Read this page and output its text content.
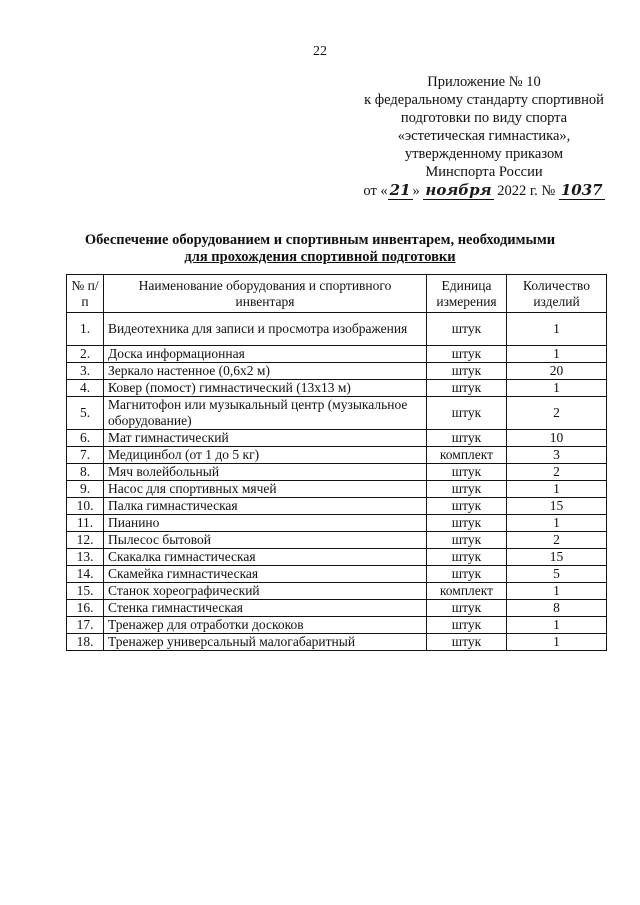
22
Приложение № 10
к федеральному стандарту спортивной
подготовки по виду спорта
«эстетическая гимнастика»,
утвержденному приказом
Минспорта России
от « 21 » ноября 2022 г. № 1037
Обеспечение оборудованием и спортивным инвентарем, необходимыми
для прохождения спортивной подготовки
№ п/п	Наименование оборудования и спортивного инвентаря	Единица измерения	Количество изделий
1.	Видеотехника для записи и просмотра изображения	штук	1
2.	Доска информационная	штук	1
3.	Зеркало настенное (0,6х2 м)	штук	20
4.	Ковер (помост) гимнастический (13х13 м)	штук	1
5.	Магнитофон или музыкальный центр (музыкальное оборудование)	штук	2
6.	Мат гимнастический	штук	10
7.	Медицинбол (от 1 до 5 кг)	комплект	3
8.	Мяч волейбольный	штук	2
9.	Насос для спортивных мячей	штук	1
10.	Палка гимнастическая	штук	15
11.	Пианино	штук	1
12.	Пылесос бытовой	штук	2
13.	Скакалка гимнастическая	штук	15
14.	Скамейка гимнастическая	штук	5
15.	Станок хореографический	комплект	1
16.	Стенка гимнастическая	штук	8
17.	Тренажер для отработки доскоков	штук	1
18.	Тренажер универсальный малогабаритный	штук	1
